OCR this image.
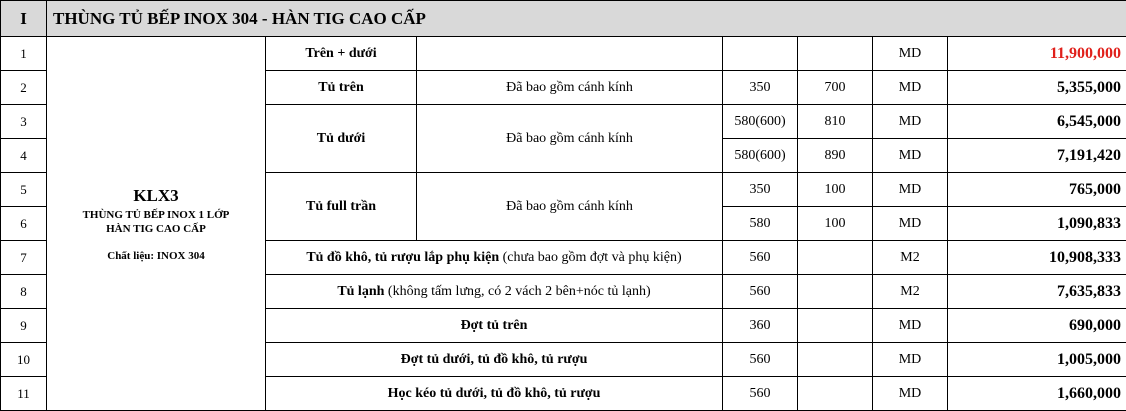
I	THÙNG TỦ BẾP INOX 304 - HÀN TIG CAO CẤP						
1	KLX3
THÙNG TỦ BẾP INOX 1 LỚP
HÀN TIG CAO CẤP
Chất liệu: INOX 304	Trên + dưới				MD	11,900,000
2		Tủ trên	Đã bao gồm cánh kính	350	700	MD	5,355,000
3		Tủ dưới	Đã bao gồm cánh kính	580(600)	810	MD	6,545,000
4				580(600)	890	MD	7,191,420
5		Tủ full trần	Đã bao gồm cánh kính	350	100	MD	765,000
6				580	100	MD	1,090,833
7		Tủ đồ khô, tủ rượu lắp phụ kiện (chưa bao gồm đợt và phụ kiện)		560		M2	10,908,333
8		Tủ lạnh (không tấm lưng, có 2 vách 2 bên+nóc tủ lạnh)		560		M2	7,635,833
9		Đợt tủ trên		360		MD	690,000
10		Đợt tủ dưới, tủ đồ khô, tủ rượu		560		MD	1,005,000
11		Học kéo tủ dưới, tủ đồ khô, tủ rượu		560		MD	1,660,000
